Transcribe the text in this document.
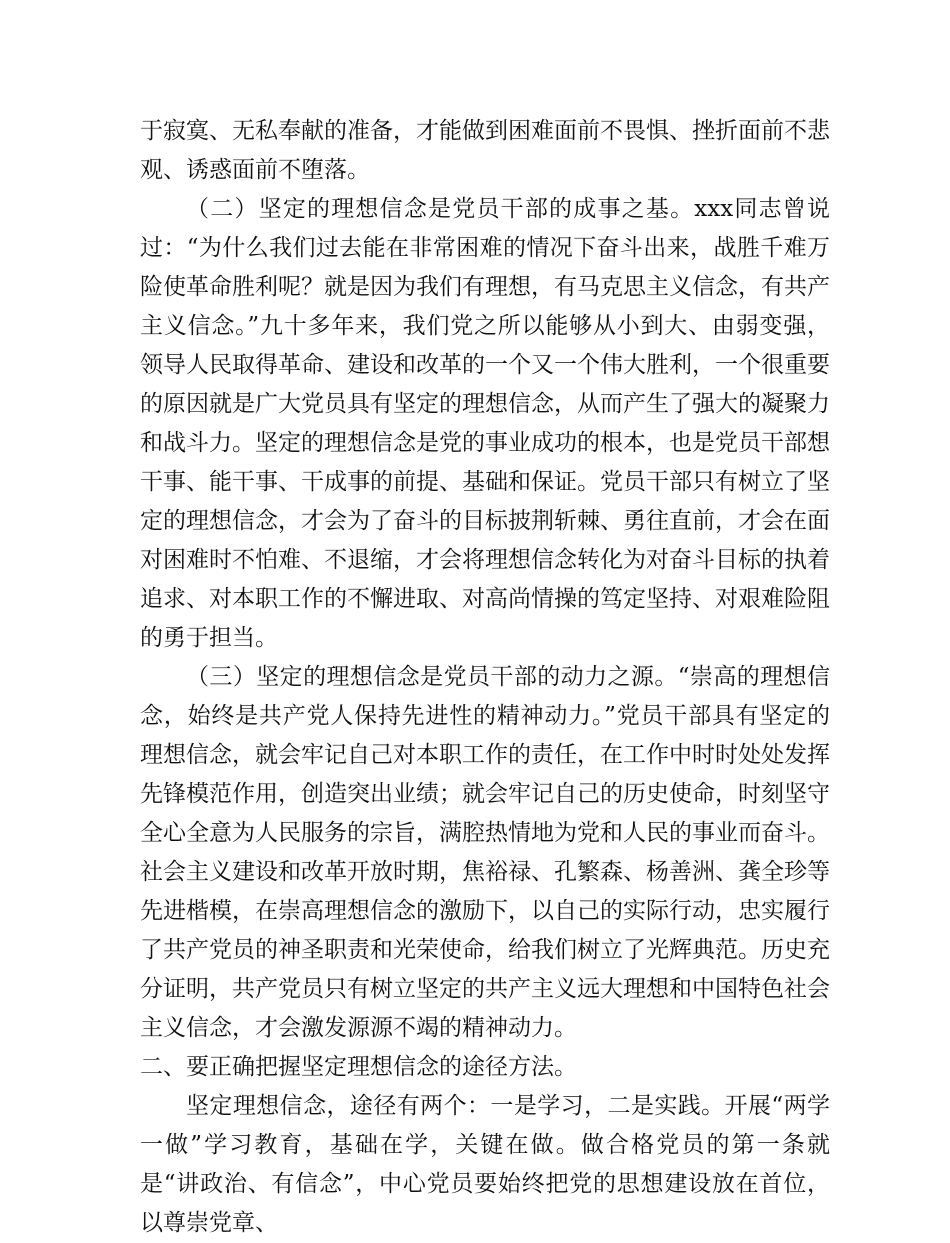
于寂寞、无私奉献的准备，才能做到困难面前不畏惧、挫折面前不悲观、诱惑面前不堕落。

（二）坚定的理想信念是党员干部的成事之基。xxx同志曾说过：“为什么我们过去能在非常困难的情况下奋斗出来，战胜千难万险使革命胜利呢？就是因为我们有理想，有马克思主义信念，有共产主义信念。”九十多年来，我们党之所以能够从小到大、由弱变强，领导人民取得革命、建设和改革的一个又一个伟大胜利，一个很重要的原因就是广大党员具有坚定的理想信念，从而产生了强大的凝聚力和战斗力。坚定的理想信念是党的事业成功的根本，也是党员干部想干事、能干事、干成事的前提、基础和保证。党员干部只有树立了坚定的理想信念，才会为了奋斗的目标披荆斩棘、勇往直前，才会在面对困难时不怕难、不退缩，才会将理想信念转化为对奋斗目标的执着追求、对本职工作的不懈进取、对高尚情操的笃定坚持、对艰难险阻的勇于担当。

（三）坚定的理想信念是党员干部的动力之源。“崇高的理想信念，始终是共产党人保持先进性的精神动力。”党员干部具有坚定的理想信念，就会牢记自己对本职工作的责任，在工作中时时处处发挥先锋模范作用，创造突出业绩；就会牢记自己的历史使命，时刻坚守全心全意为人民服务的宗旨，满腔热情地为党和人民的事业而奋斗。社会主义建设和改革开放时期，焦裕禄、孔繁森、杨善洲、龚全珍等先进楷模，在崇高理想信念的激励下，以自己的实际行动，忠实履行了共产党员的神圣职责和光荣使命，给我们树立了光辉典范。历史充分证明，共产党员只有树立坚定的共产主义远大理想和中国特色社会主义信念，才会激发源源不竭的精神动力。

二、要正确把握坚定理想信念的途径方法。

坚定理想信念，途径有两个：一是学习，二是实践。开展“两学一做”学习教育，基础在学，关键在做。做合格党员的第一条就是“讲政治、有信念”，中心党员要始终把党的思想建设放在首位，以尊崇党章、
